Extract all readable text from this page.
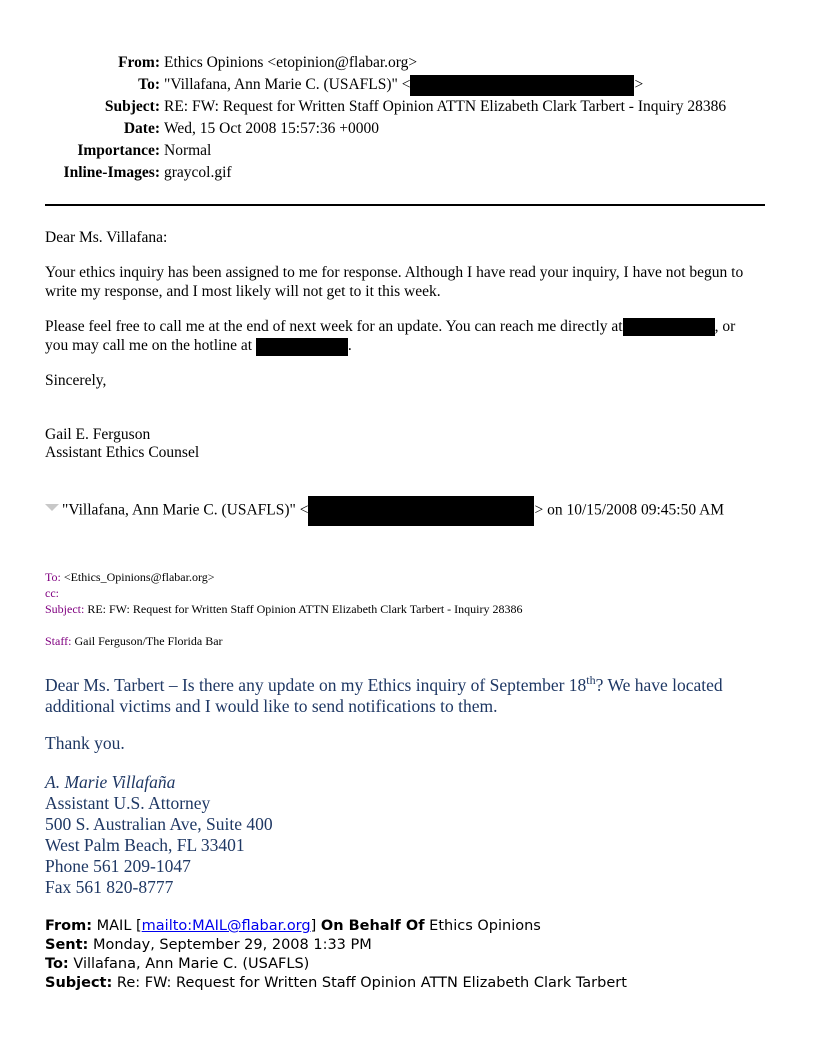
From: Ethics Opinions <etopinion@flabar.org>
To: "Villafana, Ann Marie C. (USAFLS)" <	>
Subject: RE: FW: Request for Written Staff Opinion ATTN Elizabeth Clark Tarbert - Inquiry 28386
Date: Wed, 15 Oct 2008 15:57:36 +0000
Importance: Normal
Inline-Images: graycol.gif
Dear Ms. Villafana:
Your ethics inquiry has been assigned to me for response. Although I have read your inquiry, I have not begun to write my response, and I most likely will not get to it this week.
Please feel free to call me at the end of next week for an update. You can reach me directly at	, or
you may call me on the hotline at	.
Sincerely,
Gail E. Ferguson
Assistant Ethics Counsel
"Villafana, Ann Marie C. (USAFLS)" <	> on 10/15/2008 09:45:50 AM
To: <Ethics_Opinions@flabar.org>
cc:
Subject: RE: FW: Request for Written Staff Opinion ATTN Elizabeth Clark Tarbert - Inquiry 28386
Staff: Gail Ferguson/The Florida Bar
Dear Ms. Tarbert – Is there any update on my Ethics inquiry of September 18th? We have located additional victims and I would like to send notifications to them.
Thank you.
A. Marie Villafaña
Assistant U.S. Attorney
500 S. Australian Ave, Suite 400
West Palm Beach, FL 33401
Phone 561 209-1047
Fax 561 820-8777
From: MAIL [mailto:MAIL@flabar.org] On Behalf Of Ethics Opinions
Sent: Monday, September 29, 2008 1:33 PM
To: Villafana, Ann Marie C. (USAFLS)
Subject: Re: FW: Request for Written Staff Opinion ATTN Elizabeth Clark Tarbert
